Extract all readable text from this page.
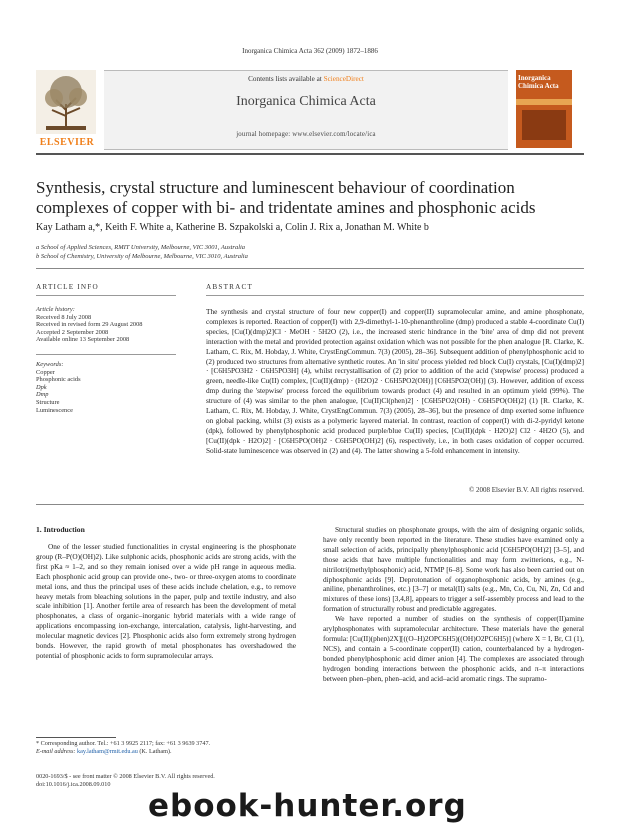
Inorganica Chimica Acta 362 (2009) 1872–1886
ELSEVIER
Contents lists available at ScienceDirect
Inorganica Chimica Acta
journal homepage: www.elsevier.com/locate/ica
Inorganica Chimica Acta
Synthesis, crystal structure and luminescent behaviour of coordination complexes of copper with bi- and tridentate amines and phosphonic acids
Kay Latham a,*, Keith F. White a, Katherine B. Szpakolski a, Colin J. Rix a, Jonathan M. White b
a School of Applied Sciences, RMIT University, Melbourne, VIC 3001, Australia
b School of Chemistry, University of Melbourne, Melbourne, VIC 3010, Australia
ARTICLE INFO
Article history:
Received 8 July 2008
Received in revised form 29 August 2008
Accepted 2 September 2008
Available online 13 September 2008
Keywords:
Copper
Phosphonic acids
Dpk
Dmp
Structure
Luminescence
ABSTRACT
The synthesis and crystal structure of four new copper(I) and copper(II) supramolecular amine, and amine phosphonate, complexes is reported. Reaction of copper(I) with 2,9-dimethyl-1-10-phenanthroline (dmp) produced a stable 4-coordinate Cu(I) species, [Cu(I)(dmp)2]Cl · MeOH · 5H2O (2), i.e., the increased steric hindrance in the 'bite' area of dmp did not prevent interaction with the metal and provided protection against oxidation which was not possible for the phen analogue [R. Clarke, K. Latham, C. Rix, M. Hobday, J. White, CrystEngCommun. 7(3) (2005), 28–36]. Subsequent addition of phenylphosphonic acid to (2) produced two structures from alternative synthetic routes. An 'in situ' process yielded red block Cu(I) crystals, [Cu(I)(dmp)2] · [C6H5PO3H2 · C6H5PO3H] (4), whilst recrystallisation of (2) prior to addition of the acid ('stepwise' process) produced a green, needle-like Cu(II) complex, [Cu(II)(dmp) · (H2O)2 · C6H5PO2(OH)] [C6H5PO2(OH)] (3). However, addition of excess dmp during the 'stepwise' process forced the equilibrium towards product (4) and resulted in an optimum yield (99%). The structure of (4) was similar to the phen analogue, [Cu(II)Cl(phen)2] · [C6H5PO2(OH) · C6H5PO(OH)2] (1) [R. Clarke, K. Latham, C. Rix, M. Hobday, J. White, CrystEngCommun. 7(3) (2005), 28–36], but the presence of dmp exerted some influence on global packing, whilst (3) exists as a polymeric layered material. In contrast, reaction of copper(I) with di-2-pyridyl ketone (dpk), followed by phenylphosphonic acid produced purple/blue Cu(II) species, [Cu(II)(dpk · H2O)2] Cl2 · 4H2O (5), and [Cu(II)(dpk · H2O)2] · [C6H5PO(OH)2 · C6H5PO(OH)2] (6), respectively, i.e., in both cases oxidation of copper occurred. Solid-state luminescence was observed in (2) and (4). The latter showing a 5-fold enhancement in intensity.
© 2008 Elsevier B.V. All rights reserved.
1. Introduction

One of the lesser studied functionalities in crystal engineering is the phosphonate group (R–P(O)(OH)2). Like sulphonic acids, phosphonic acids are strong acids, with the first pKa ≈ 1–2, and so they remain ionised over a wide pH range in aqueous media. Each phosphonic acid group can provide one-, two- or three-oxygen atoms to coordinate metal ions, and thus the principal uses of these acids include chelation, e.g., to remove heavy metals from bleaching solutions in the paper, pulp and textile industry, and also scale inhibition [1]. Another fertile area of research has been the development of metal phosphonates, a class of organic–inorganic hybrid materials with a wide range of applications encompassing ion-exchange, intercalation, catalysis, light-harvesting, and molecular magnetic devices [2]. Phosphonic acids also form extremely strong hydrogen bonds. However, the rapid growth of metal phosphonates has overshadowed the potential of phosphonic acids to form supramolecular arrays.

Structural studies on phosphonate groups, with the aim of designing organic solids, have only recently been reported in the literature. These studies have examined only a small selection of acids, principally phenylphosphonic acid [C6H5PO(OH)2] [3–5], and those acids that have multiple functionalities and may form zwitterions, e.g., N-nitrilotri(methylphosphonic) acid, NTMP [6–8]. Some work has also been carried out on diphosphonic acids [9]. Deprotonation of organophosphonic acids, by amines (e.g., aniline, phenanthrolines, etc.) [3–7] or metal(II) salts (e.g., Mn, Co, Cu, Ni, Zn, Cd and mixtures of these ions) [3,4,8], appears to trigger a self-assembly process and lead to the formation of structurally robust and predictable aggregates.

We have reported a number of studies on the synthesis of copper(II)amine arylphosphonates with supramolecular architecture. These materials have the general formula: [Cu(II)(phen)2X][((O–H)2OPC6H5)((OH)O2PC6H5)] (where X = I, Br, Cl (1), NCS), and contain a 5-coordinate copper(II) cation, counterbalanced by a hydrogen-bonded phenylphosphonic acid dimer anion [4]. The complexes are associated through hydrogen bonding interactions between the phosphonic acids, and π–π interactions between phen–phen, phen–acid, and acid–acid aromatic rings. The supramo-

* Corresponding author. Tel.: +61 3 9925 2117; fax: +61 3 9639 3747.
E-mail address: kay.latham@rmit.edu.au (K. Latham).
0020-1693/$ - see front matter © 2008 Elsevier B.V. All rights reserved.
doi:10.1016/j.ica.2008.09.010
ebook-hunter.org
